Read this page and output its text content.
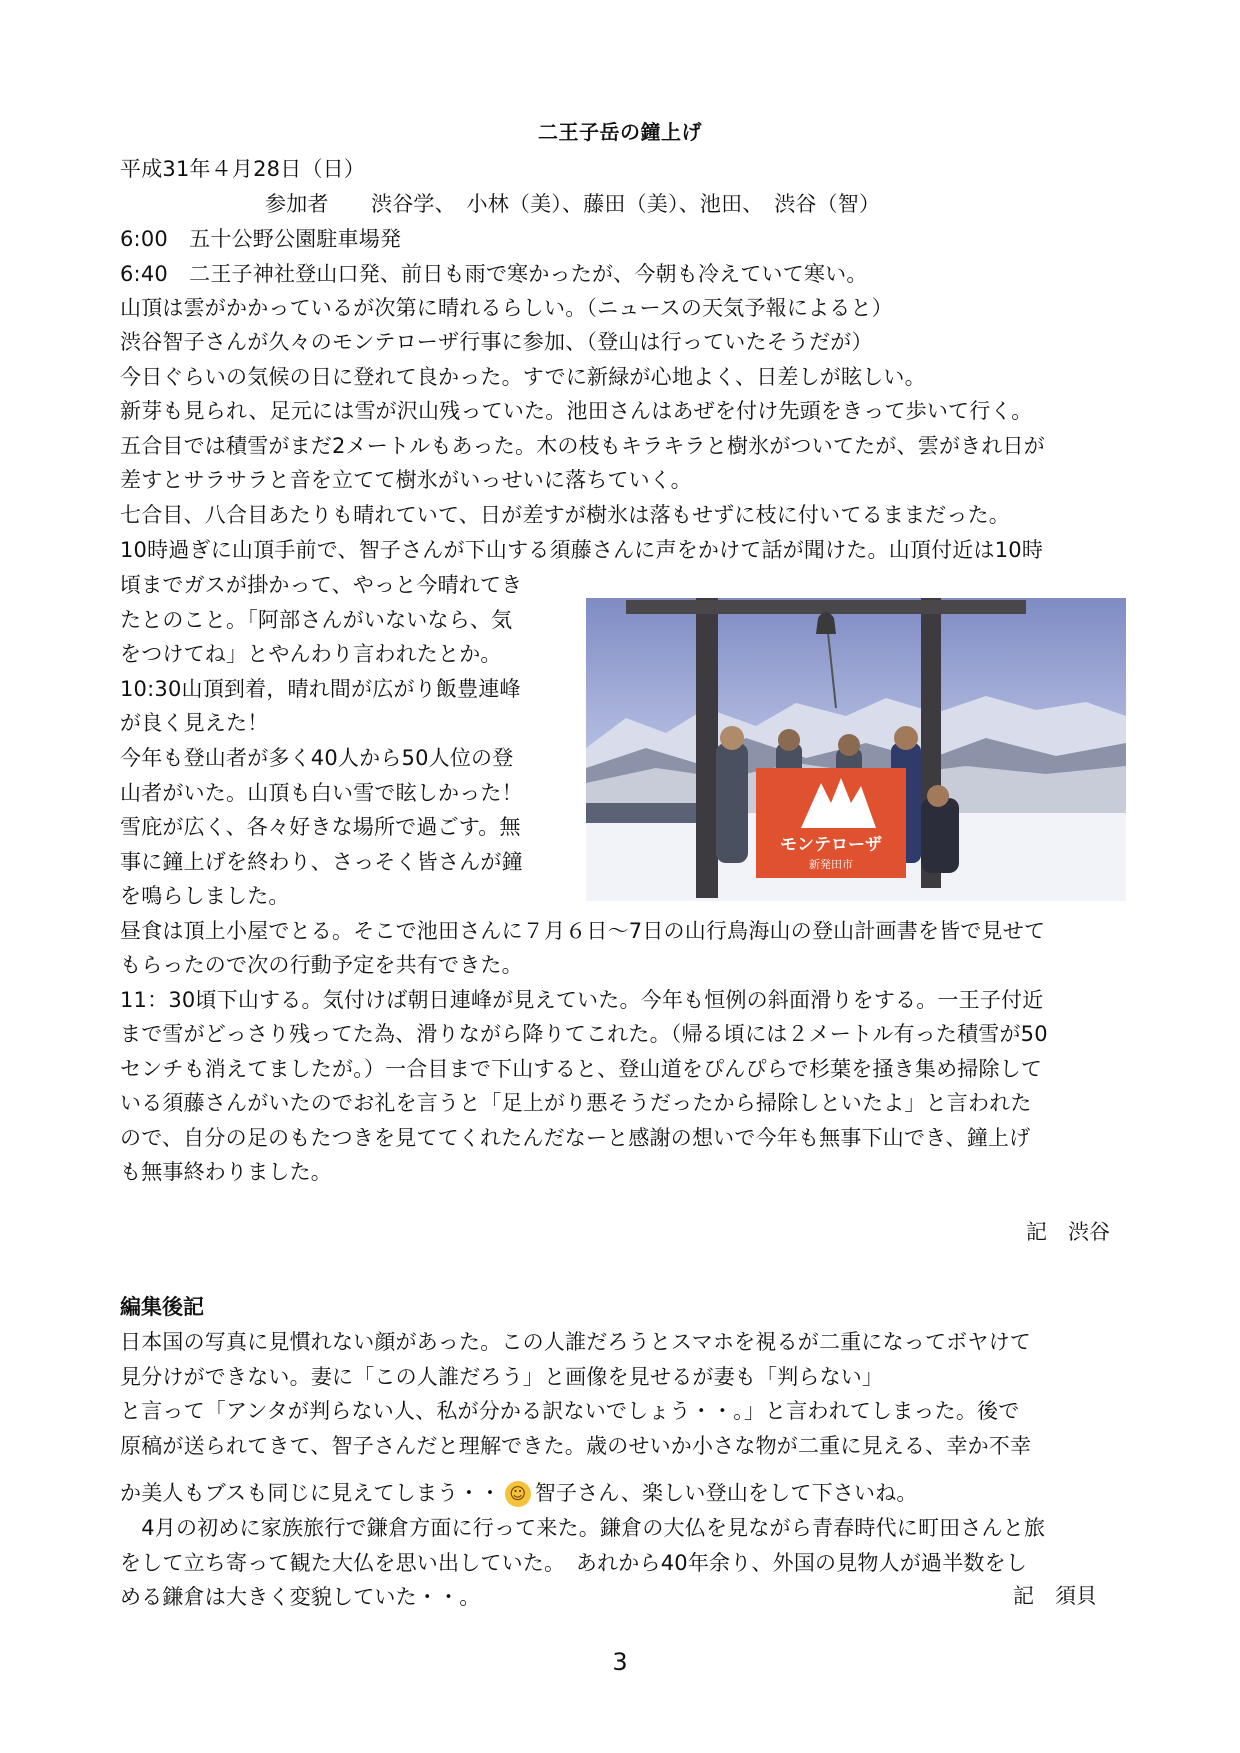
二王子岳の鐘上げ
平成31年４月28日（日）
参加者　　渋谷学、　小林（美）、藤田（美）、池田、　渋谷（智）
6:00　五十公野公園駐車場発
6:40　二王子神社登山口発、前日も雨で寒かったが、今朝も冷えていて寒い。
山頂は雲がかかっているが次第に晴れるらしい。（ニュースの天気予報によると）
渋谷智子さんが久々のモンテローザ行事に参加、（登山は行っていたそうだが）
今日ぐらいの気候の日に登れて良かった。すでに新緑が心地よく、日差しが眩しい。
新芽も見られ、足元には雪が沢山残っていた。池田さんはあぜを付け先頭をきって歩いて行く。
五合目では積雪がまだ2メートルもあった。木の枝もキラキラと樹氷がついてたが、雲がきれ日が
差すとサラサラと音を立てて樹氷がいっせいに落ちていく。
七合目、八合目あたりも晴れていて、日が差すが樹氷は落もせずに枝に付いてるままだった。
10時過ぎに山頂手前で、智子さんが下山する須藤さんに声をかけて話が聞けた。山頂付近は10時
頃までガスが掛かって、やっと今晴れてき
たとのこと。「阿部さんがいないなら、気
をつけてね」とやんわり言われたとか。
10:30山頂到着，晴れ間が広がり飯豊連峰
が良く見えた！
今年も登山者が多く40人から50人位の登
山者がいた。山頂も白い雪で眩しかった！
雪庇が広く、各々好きな場所で過ごす。無
事に鐘上げを終わり、さっそく皆さんが鐘
を鳴らしました。
昼食は頂上小屋でとる。そこで池田さんに７月６日〜7日の山行鳥海山の登山計画書を皆で見せて
もらったので次の行動予定を共有できた。
11：30頃下山する。気付けば朝日連峰が見えていた。今年も恒例の斜面滑りをする。一王子付近
まで雪がどっさり残ってた為、滑りながら降りてこれた。（帰る頃には２メートル有った積雪が50
センチも消えてましたが。）一合目まで下山すると、登山道をぴんぴらで杉葉を掻き集め掃除して
いる須藤さんがいたのでお礼を言うと「足上がり悪そうだったから掃除しといたよ」と言われた
ので、自分の足のもたつきを見ててくれたんだなーと感謝の想いで今年も無事下山でき、鐘上げ
も無事終わりました。
モンテローザ
新発田市
記　渋谷
編集後記
日本国の写真に見慣れない顔があった。この人誰だろうとスマホを視るが二重になってボヤけて
見分けができない。妻に「この人誰だろう」と画像を見せるが妻も「判らない」
と言って「アンタが判らない人、私が分かる訳ないでしょう・・。」と言われてしまった。後で
原稿が送られてきて、智子さんだと理解できた。歳のせいか小さな物が二重に見える、幸か不幸
か美人もブスも同じに見えてしまう・・ ☺ 智子さん、楽しい登山をして下さいね。
　4月の初めに家族旅行で鎌倉方面に行って来た。鎌倉の大仏を見ながら青春時代に町田さんと旅
をして立ち寄って観た大仏を思い出していた。　あれから40年余り、外国の見物人が過半数をし
める鎌倉は大きく変貌していた・・。	記　須貝
3
